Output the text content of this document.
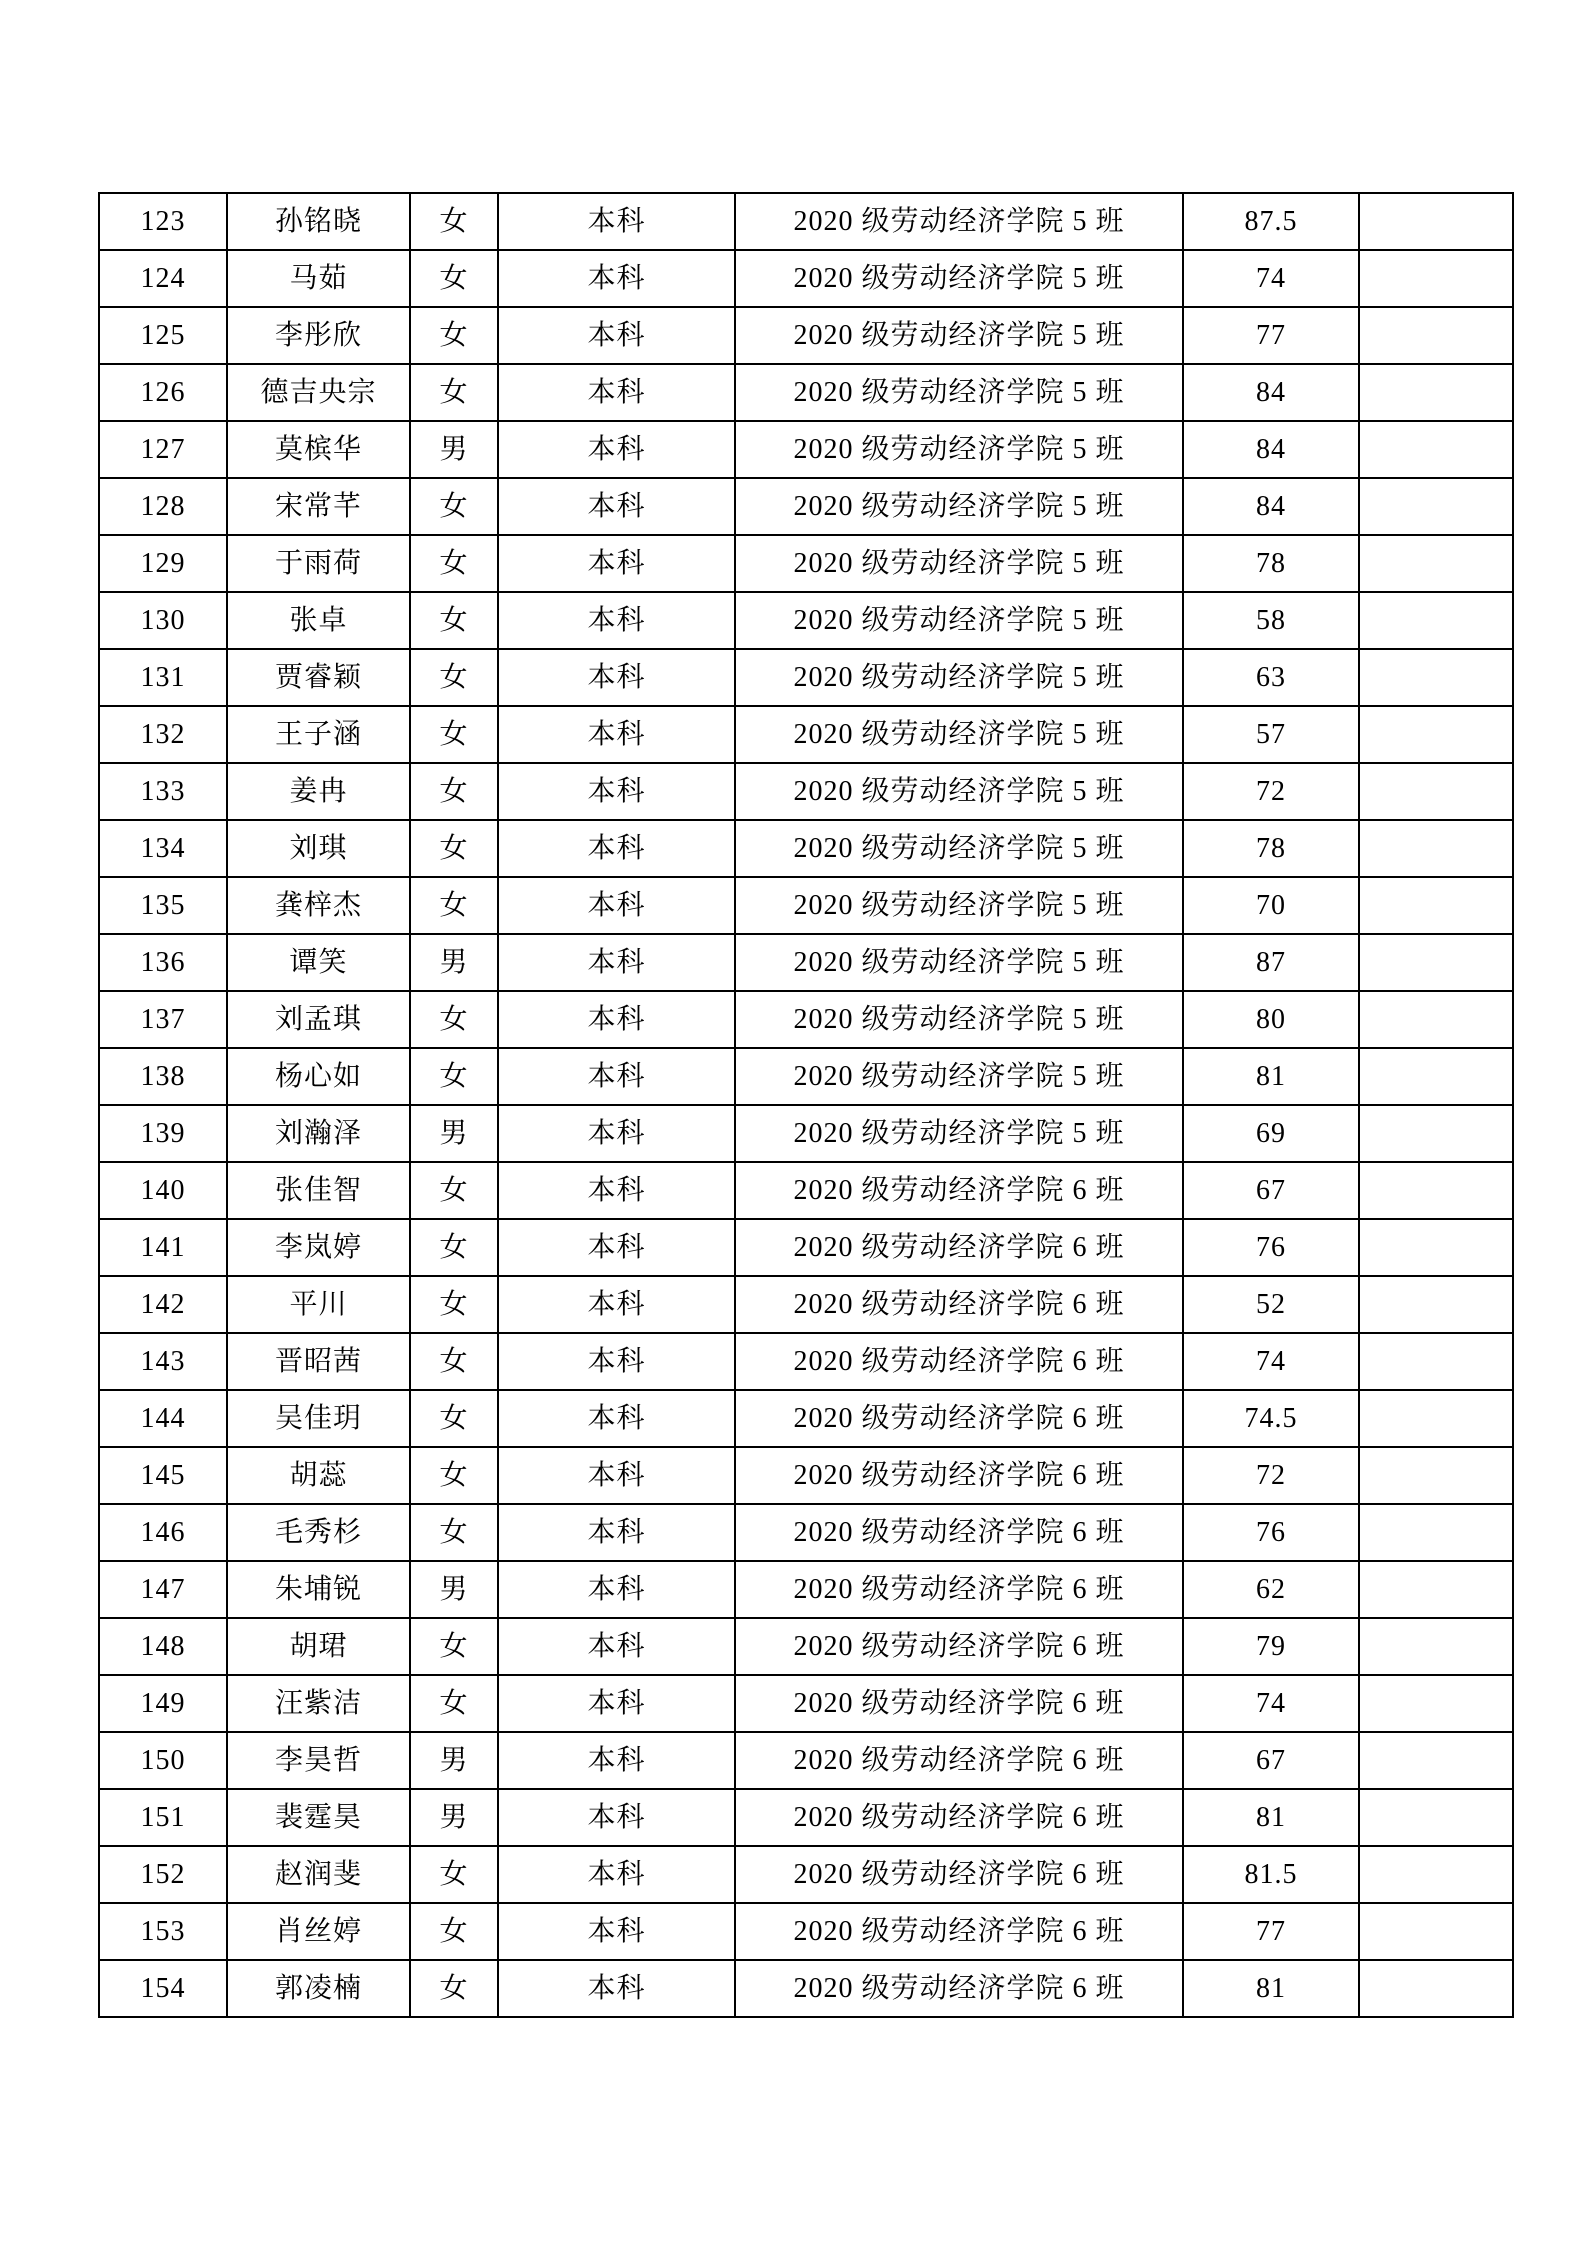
123	孙铭晓	女	本科	2020 级劳动经济学院 5 班	87.5	
124	马茹	女	本科	2020 级劳动经济学院 5 班	74	
125	李彤欣	女	本科	2020 级劳动经济学院 5 班	77	
126	德吉央宗	女	本科	2020 级劳动经济学院 5 班	84	
127	莫槟华	男	本科	2020 级劳动经济学院 5 班	84	
128	宋常芊	女	本科	2020 级劳动经济学院 5 班	84	
129	于雨荷	女	本科	2020 级劳动经济学院 5 班	78	
130	张卓	女	本科	2020 级劳动经济学院 5 班	58	
131	贾睿颖	女	本科	2020 级劳动经济学院 5 班	63	
132	王子涵	女	本科	2020 级劳动经济学院 5 班	57	
133	姜冉	女	本科	2020 级劳动经济学院 5 班	72	
134	刘琪	女	本科	2020 级劳动经济学院 5 班	78	
135	龚梓杰	女	本科	2020 级劳动经济学院 5 班	70	
136	谭笑	男	本科	2020 级劳动经济学院 5 班	87	
137	刘孟琪	女	本科	2020 级劳动经济学院 5 班	80	
138	杨心如	女	本科	2020 级劳动经济学院 5 班	81	
139	刘瀚泽	男	本科	2020 级劳动经济学院 5 班	69	
140	张佳智	女	本科	2020 级劳动经济学院 6 班	67	
141	李岚婷	女	本科	2020 级劳动经济学院 6 班	76	
142	平川	女	本科	2020 级劳动经济学院 6 班	52	
143	晋昭茜	女	本科	2020 级劳动经济学院 6 班	74	
144	吴佳玥	女	本科	2020 级劳动经济学院 6 班	74.5	
145	胡蕊	女	本科	2020 级劳动经济学院 6 班	72	
146	毛秀杉	女	本科	2020 级劳动经济学院 6 班	76	
147	朱埔锐	男	本科	2020 级劳动经济学院 6 班	62	
148	胡珺	女	本科	2020 级劳动经济学院 6 班	79	
149	汪紫洁	女	本科	2020 级劳动经济学院 6 班	74	
150	李昊哲	男	本科	2020 级劳动经济学院 6 班	67	
151	裴霆昊	男	本科	2020 级劳动经济学院 6 班	81	
152	赵润斐	女	本科	2020 级劳动经济学院 6 班	81.5	
153	肖丝婷	女	本科	2020 级劳动经济学院 6 班	77	
154	郭凌楠	女	本科	2020 级劳动经济学院 6 班	81	
